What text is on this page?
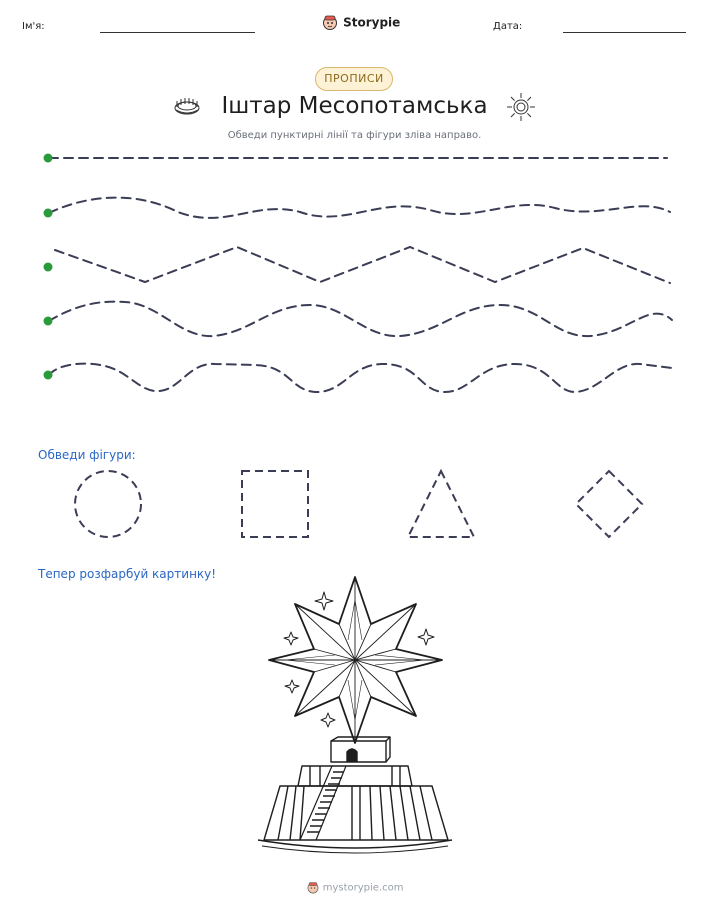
Ім'я:	Storypie	Дата:
ПРОПИСИ
Іштар Месопотамська
Обведи пунктирні лінії та фігури зліва направо.
Обведи фігури:
Тепер розфарбуй картинку!
mystorypie.com
